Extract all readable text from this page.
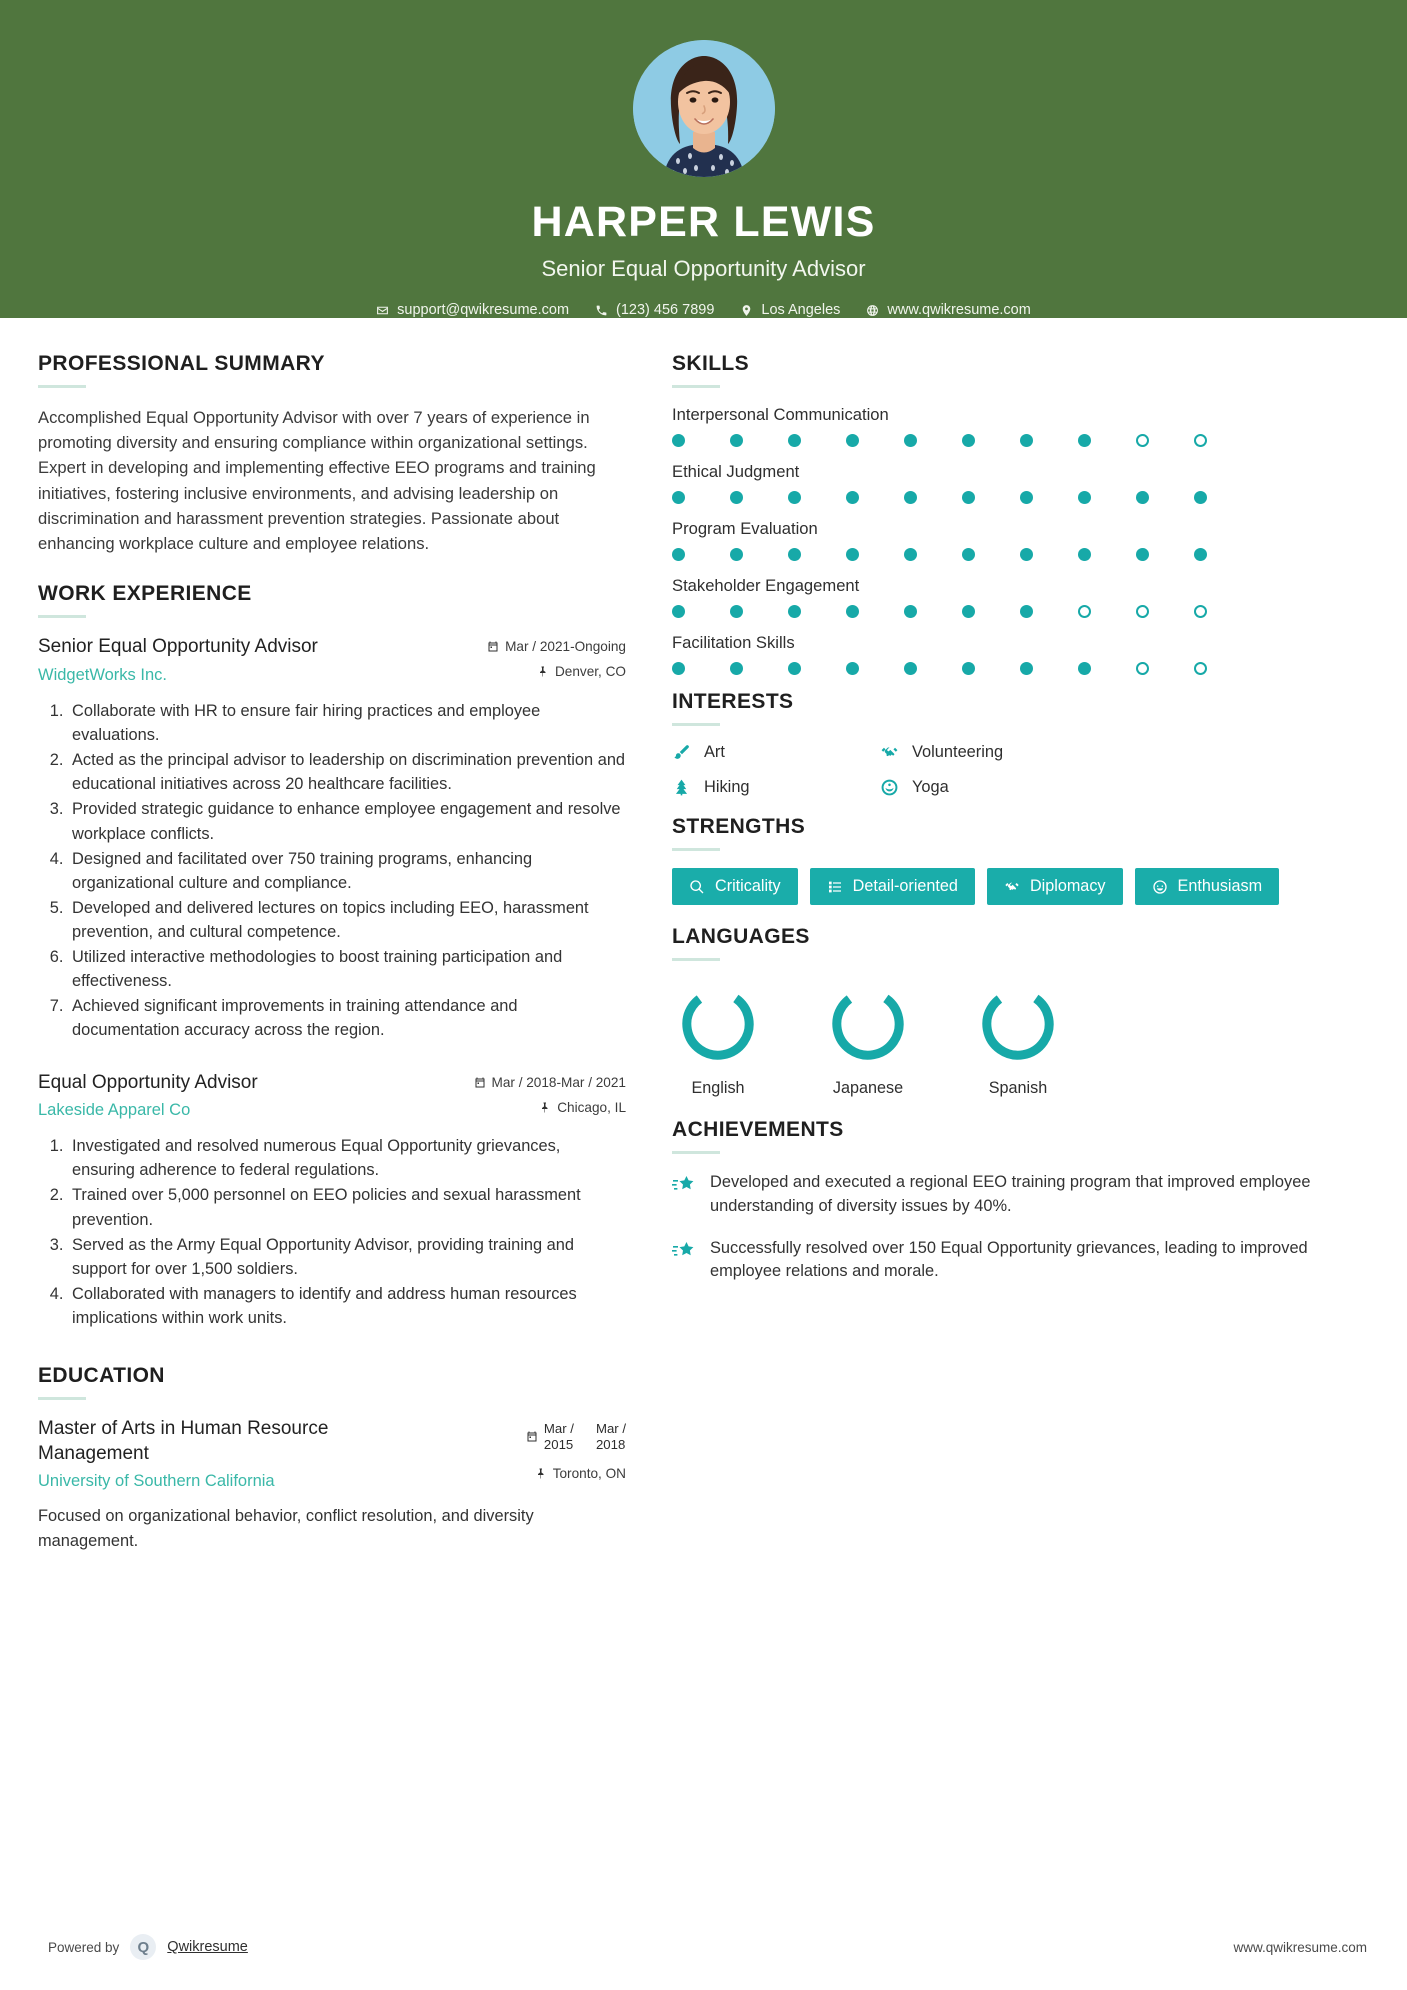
HARPER LEWIS
Senior Equal Opportunity Advisor
support@qwikresume.com	(123) 456 7899	Los Angeles	www.qwikresume.com
PROFESSIONAL SUMMARY

Accomplished Equal Opportunity Advisor with over 7 years of experience in promoting diversity and ensuring compliance within organizational settings. Expert in developing and implementing effective EEO programs and training initiatives, fostering inclusive environments, and advising leadership on discrimination and harassment prevention strategies. Passionate about enhancing workplace culture and employee relations.

WORK EXPERIENCE
Senior Equal Opportunity Advisor
WidgetWorks Inc.
Mar / 2021-Ongoing
Denver, CO
1. Collaborate with HR to ensure fair hiring practices and employee evaluations.
2. Acted as the principal advisor to leadership on discrimination prevention and educational initiatives across 20 healthcare facilities.
3. Provided strategic guidance to enhance employee engagement and resolve workplace conflicts.
4. Designed and facilitated over 750 training programs, enhancing organizational culture and compliance.
5. Developed and delivered lectures on topics including EEO, harassment prevention, and cultural competence.
6. Utilized interactive methodologies to boost training participation and effectiveness.
7. Achieved significant improvements in training attendance and documentation accuracy across the region.
Equal Opportunity Advisor
Lakeside Apparel Co
Mar / 2018-Mar / 2021
Chicago, IL
1. Investigated and resolved numerous Equal Opportunity grievances, ensuring adherence to federal regulations.
2. Trained over 5,000 personnel on EEO policies and sexual harassment prevention.
3. Served as the Army Equal Opportunity Advisor, providing training and support for over 1,500 soldiers.
4. Collaborated with managers to identify and address human resources implications within work units.
EDUCATION
Master of Arts in Human Resource Management
University of Southern California
Mar /
2015
Mar /
2018
Toronto, ON

Focused on organizational behavior, conflict resolution, and diversity management.

SKILLS
Interpersonal Communication
Ethical Judgment
Program Evaluation
Stakeholder Engagement
Facilitation Skills
INTERESTS
Art	Volunteering
Hiking	Yoga
STRENGTHS
Criticality	Detail-oriented	Diplomacy	Enthusiasm
LANGUAGES
English	Japanese	Spanish
ACHIEVEMENTS
Developed and executed a regional EEO training program that improved employee understanding of diversity issues by 40%.
Successfully resolved over 150 Equal Opportunity grievances, leading to improved employee relations and morale.
Powered by	Q	Qwikresume	www.qwikresume.com
